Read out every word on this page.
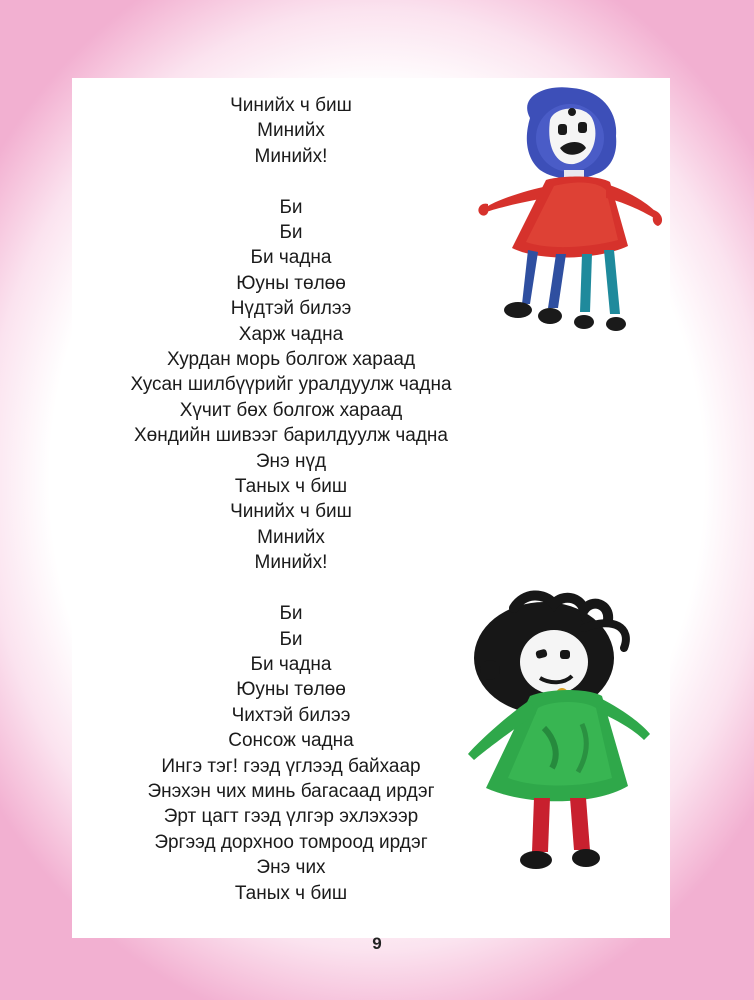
Чинийх ч биш
Минийх
Минийх!
Би
Би
Би чадна
Юуны төлөө
Нүдтэй билээ
Харж чадна
Хурдан морь болгож хараад
Хусан шилбүүрийг уралдуулж чадна
Хүчит бөх болгож хараад
Хөндийн шивээг барилдуулж чадна
Энэ нүд
Таных ч биш
Чинийх ч биш
Минийх
Минийх!
Би
Би
Би чадна
Юуны төлөө
Чихтэй билээ
Сонсож чадна
Ингэ тэг! гээд үглээд байхаар
Энэхэн чих минь багасаад ирдэг
Эрт цагт гээд үлгэр эхлэхээр
Эргээд дорхноо томроод ирдэг
Энэ чих
Таных ч биш
9
